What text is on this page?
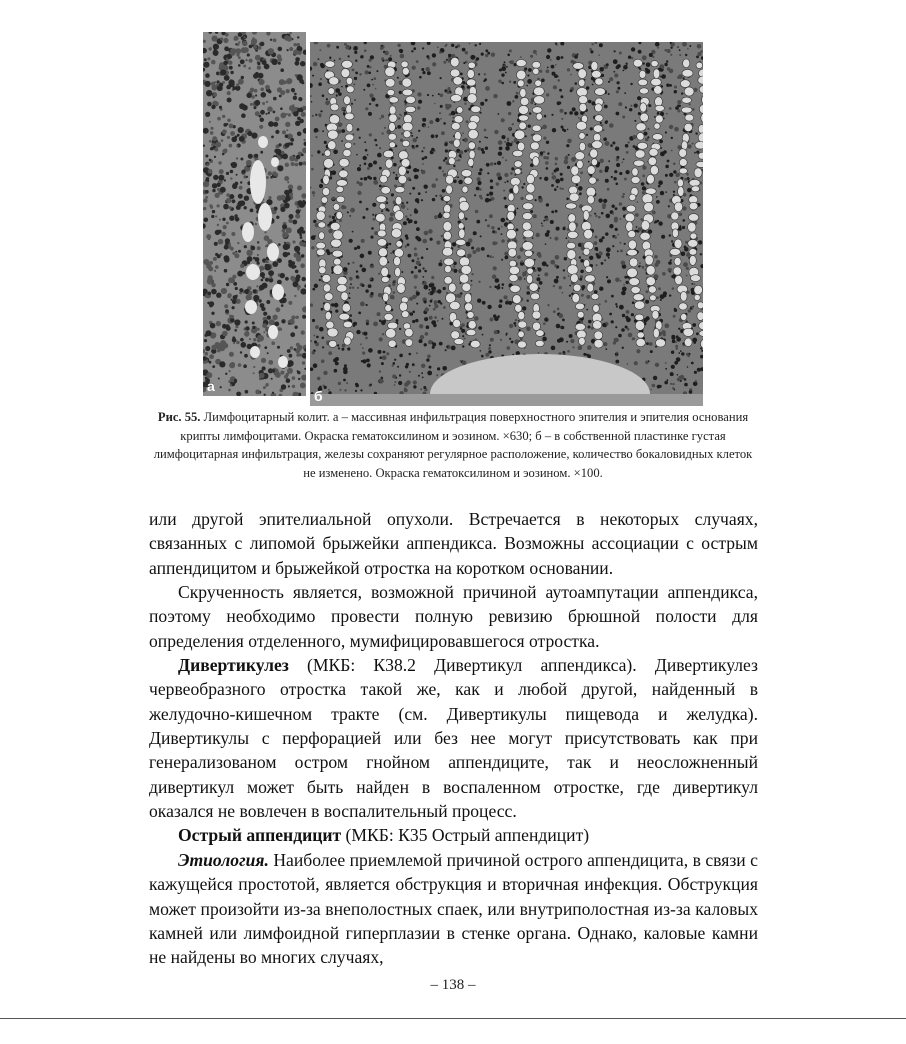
а
б
Рис. 55. Лимфоцитарный колит. а – массивная инфильтрация поверхностного эпителия и эпителия основания крипты лимфоцитами. Окраска гематоксилином и эозином. ×630; б – в собственной пластинке густая лимфоцитарная инфильтрация, железы сохраняют регулярное расположение, количество бокаловидных клеток не изменено. Окраска гематоксилином и эозином. ×100.

или другой эпителиальной опухоли. Встречается в некоторых случаях, связанных с липомой брыжейки аппендикса. Возможны ассоциации с острым аппендицитом и брыжейкой отростка на коротком основании.

Скрученность является, возможной причиной аутоампутации аппендикса, поэтому необходимо провести полную ревизию брюшной полости для определения отделенного, мумифицировавшегося отростка.

Дивертикулез (МКБ: К38.2 Дивертикул аппендикса). Дивертикулез червеобразного отростка такой же, как и любой другой, найденный в желудочно-кишечном тракте (см. Дивертикулы пищевода и желудка). Дивертикулы с перфорацией или без нее могут присутствовать как при генерализованом остром гнойном аппендиците, так и неосложненный дивертикул может быть найден в воспаленном отростке, где дивертикул оказался не вовлечен в воспалительный процесс.

Острый аппендицит (МКБ: К35 Острый аппендицит)

Этиология. Наиболее приемлемой причиной острого аппендицита, в связи с кажущейся простотой, является обструкция и вторичная инфекция. Обструкция может произойти из-за внеполостных спаек, или внутриполостная из-за каловых камней или лимфоидной гиперплазии в стенке органа. Однако, каловые камни не найдены во многих случаях,

– 138 –
